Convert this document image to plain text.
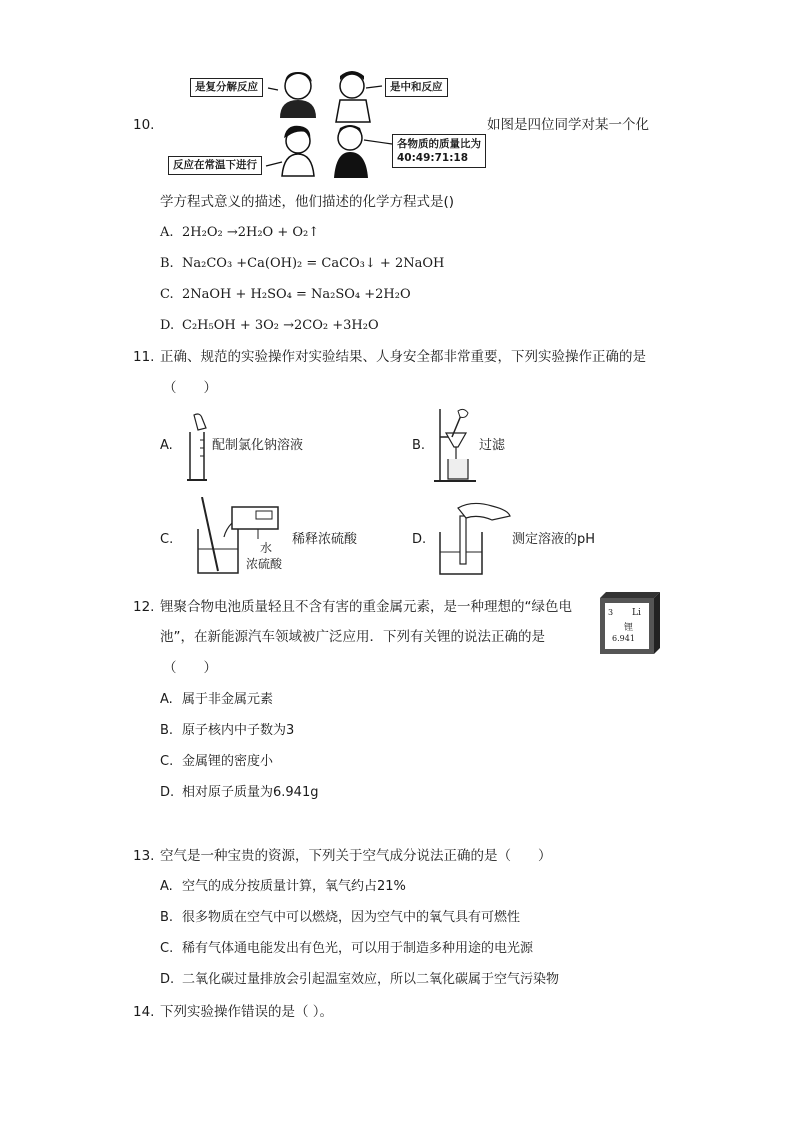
10.
是复分解反应	是中和反应
反应在常温下进行
各物质的质量比为
40:49:71:18
如图是四位同学对某一个化
学方程式意义的描述，他们描述的化学方程式是()
A. 2H₂O₂ →2H₂O + O₂↑
B. Na₂CO₃ +Ca(OH)₂ = CaCO₃↓ + 2NaOH
C. 2NaOH + H₂SO₄ = Na₂SO₄ +2H₂O
D. C₂H₅OH + 3O₂ →2CO₂ +3H₂O
11. 正确、规范的实验操作对实验结果、人身安全都非常重要，下列实验操作正确的是
（　　）
A.	配制氯化钠溶液	B.	过滤
C.
水
浓硫酸
稀释浓硫酸	D.	测定溶液的pH
12. 锂聚合物电池质量轻且不含有害的重金属元素，是一种理想的“绿色电
池”，在新能源汽车领域被广泛应用．下列有关锂的说法正确的是
（　　）
3 Li
锂
6.941
A. 属于非金属元素
B. 原子核内中子数为3
C. 金属锂的密度小
D. 相对原子质量为6.941g
13. 空气是一种宝贵的资源，下列关于空气成分说法正确的是（　　）
A. 空气的成分按质量计算，氧气约占21%
B. 很多物质在空气中可以燃烧，因为空气中的氧气具有可燃性
C. 稀有气体通电能发出有色光，可以用于制造多种用途的电光源
D. 二氧化碳过量排放会引起温室效应，所以二氧化碳属于空气污染物
14. 下列实验操作错误的是（ ）。
